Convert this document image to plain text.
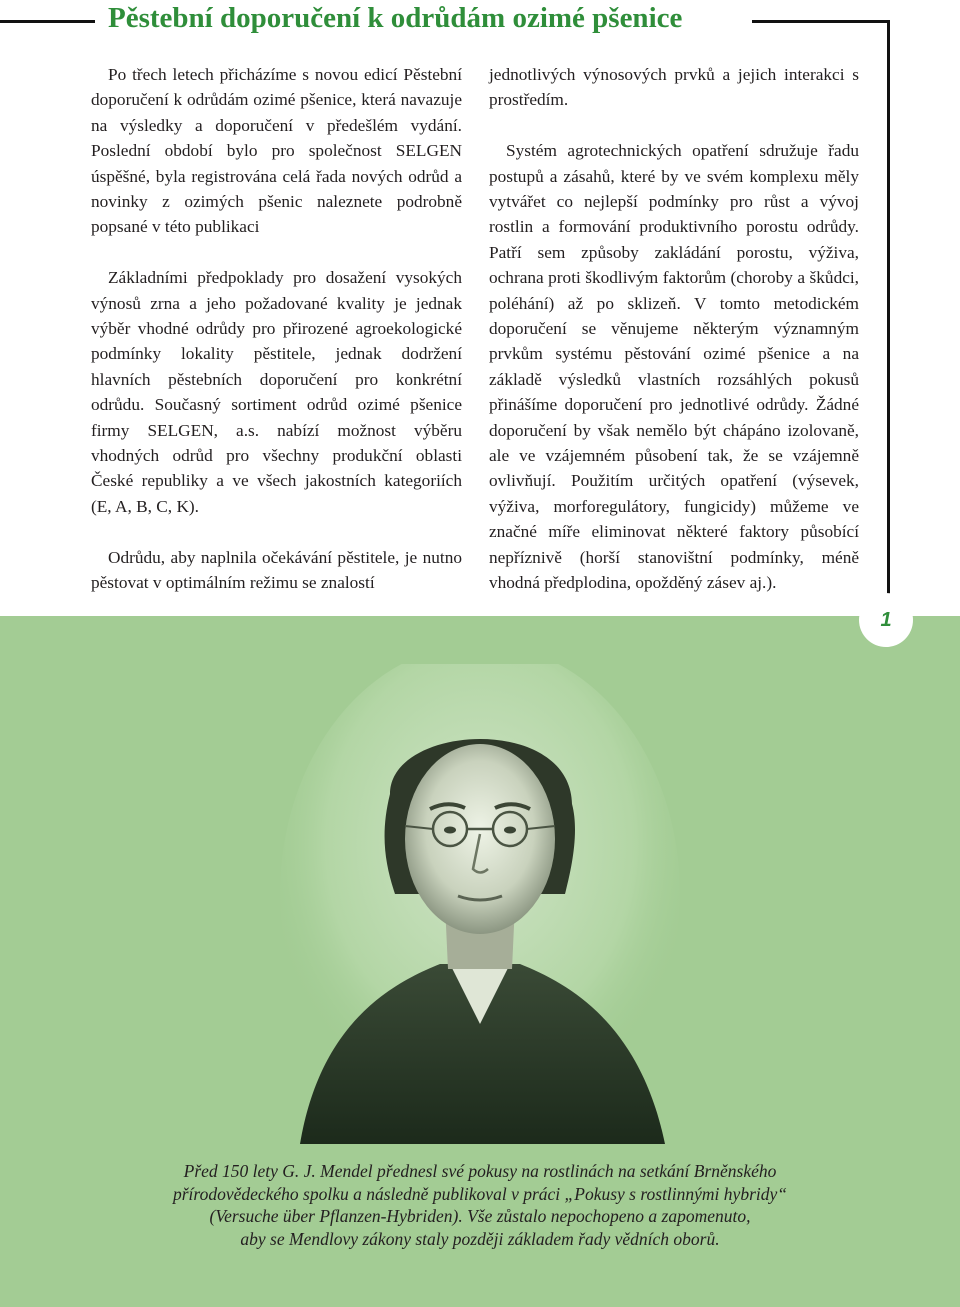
Pěstební doporučení k odrůdám ozimé pšenice

Po třech letech přicházíme s novou edicí Pěstební doporučení k odrůdám ozimé pšenice, která navazuje na výsledky a doporučení v předešlém vydání. Poslední období bylo pro společnost SELGEN úspěšné, byla registrována celá řada nových odrůd a novinky z ozimých pšenic naleznete podrobně popsané v této publikaci

Základními předpoklady pro dosažení vysokých výnosů zrna a jeho požadované kvality je jednak výběr vhodné odrůdy pro přirozené agroekologické podmínky lokality pěstitele, jednak dodržení hlavních pěstebních doporučení pro konkrétní odrůdu. Současný sortiment odrůd ozimé pšenice firmy SELGEN, a.s. nabízí možnost výběru vhodných odrůd pro všechny produkční oblasti České republiky a ve všech jakostních kategoriích (E, A, B, C, K).

Odrůdu, aby naplnila očekávání pěstitele, je nutno pěstovat v optimálním režimu se znalostí

jednotlivých výnosových prvků a jejich interakci s prostředím.

Systém agrotechnických opatření sdružuje řadu postupů a zásahů, které by ve svém komplexu měly vytvářet co nejlepší podmínky pro růst a vývoj rostlin a formování produktivního porostu odrůdy. Patří sem způsoby zakládání porostu, výživa, ochrana proti škodlivým faktorům (choroby a škůdci, poléhání) až po sklizeň. V tomto metodickém doporučení se věnujeme některým významným prvkům systému pěstování ozimé pšenice a na základě výsledků vlastních rozsáhlých pokusů přinášíme doporučení pro jednotlivé odrůdy. Žádné doporučení by však nemělo být chápáno izolovaně, ale ve vzájemném působení tak, že se vzájemně ovlivňují. Použitím určitých opatření (výsevek, výživa, morforegulátory, fungicidy) můžeme ve značné míře eliminovat některé faktory působící nepříznivě (horší stanovištní podmínky, méně vhodná předplodina, opožděný zásev aj.).

1
Před 150 lety G. J. Mendel přednesl své pokusy na rostlinách na setkání Brněnského
přírodovědeckého spolku a následně publikoval v práci „Pokusy s rostlinnými hybridy“
(Versuche über Pflanzen-Hybriden). Vše zůstalo nepochopeno a zapomenuto,
aby se Mendlovy zákony staly později základem řady vědních oborů.
